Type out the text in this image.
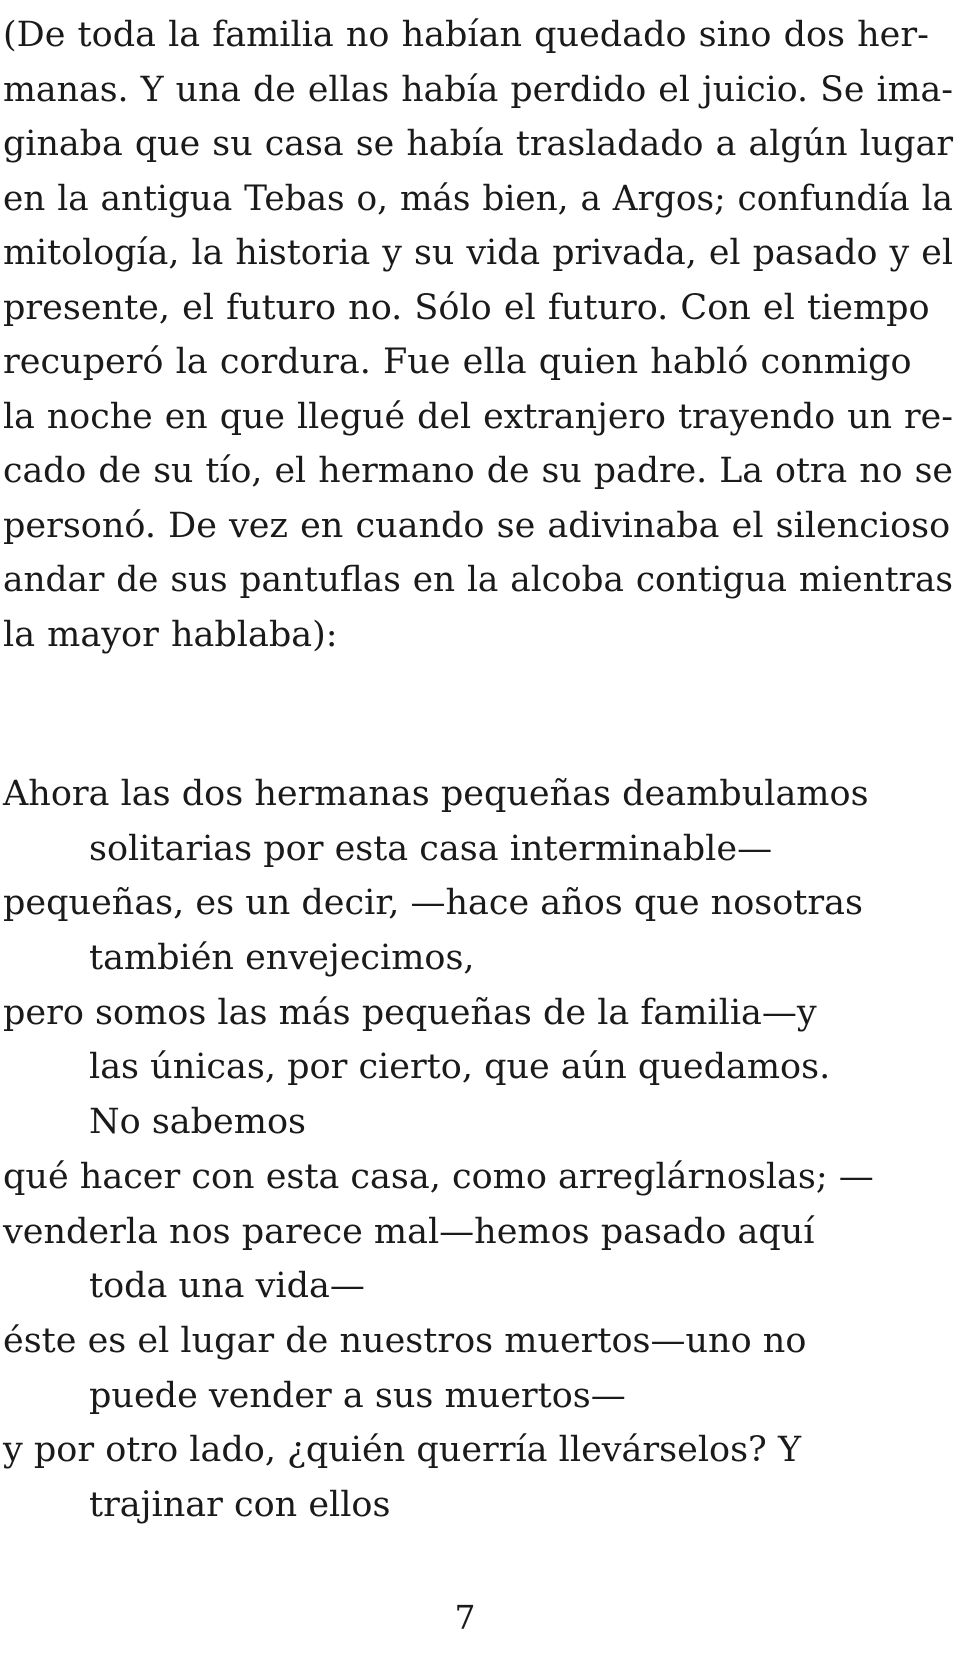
(De toda la familia no habían quedado sino dos her-
manas. Y una de ellas había perdido el juicio. Se ima-
ginaba que su casa se había trasladado a algún lugar
en la antigua Tebas o, más bien, a Argos; confundía la
mitología, la historia y su vida privada, el pasado y el
presente, el futuro no. Sólo el futuro. Con el tiempo
recuperó la cordura. Fue ella quien habló conmigo
la noche en que llegué del extranjero trayendo un re-
cado de su tío, el hermano de su padre. La otra no se
personó. De vez en cuando se adivinaba el silencioso
andar de sus pantuflas en la alcoba contigua mientras
la mayor hablaba):
Ahora las dos hermanas pequeñas deambulamos
solitarias por esta casa interminable—
pequeñas, es un decir, —hace años que nosotras
también envejecimos,
pero somos las más pequeñas de la familia—y
las únicas, por cierto, que aún quedamos.
No sabemos
qué hacer con esta casa, como arreglárnoslas; —
venderla nos parece mal—hemos pasado aquí
toda una vida—
éste es el lugar de nuestros muertos—uno no
puede vender a sus muertos—
y por otro lado, ¿quién querría llevárselos? Y
trajinar con ellos
7
